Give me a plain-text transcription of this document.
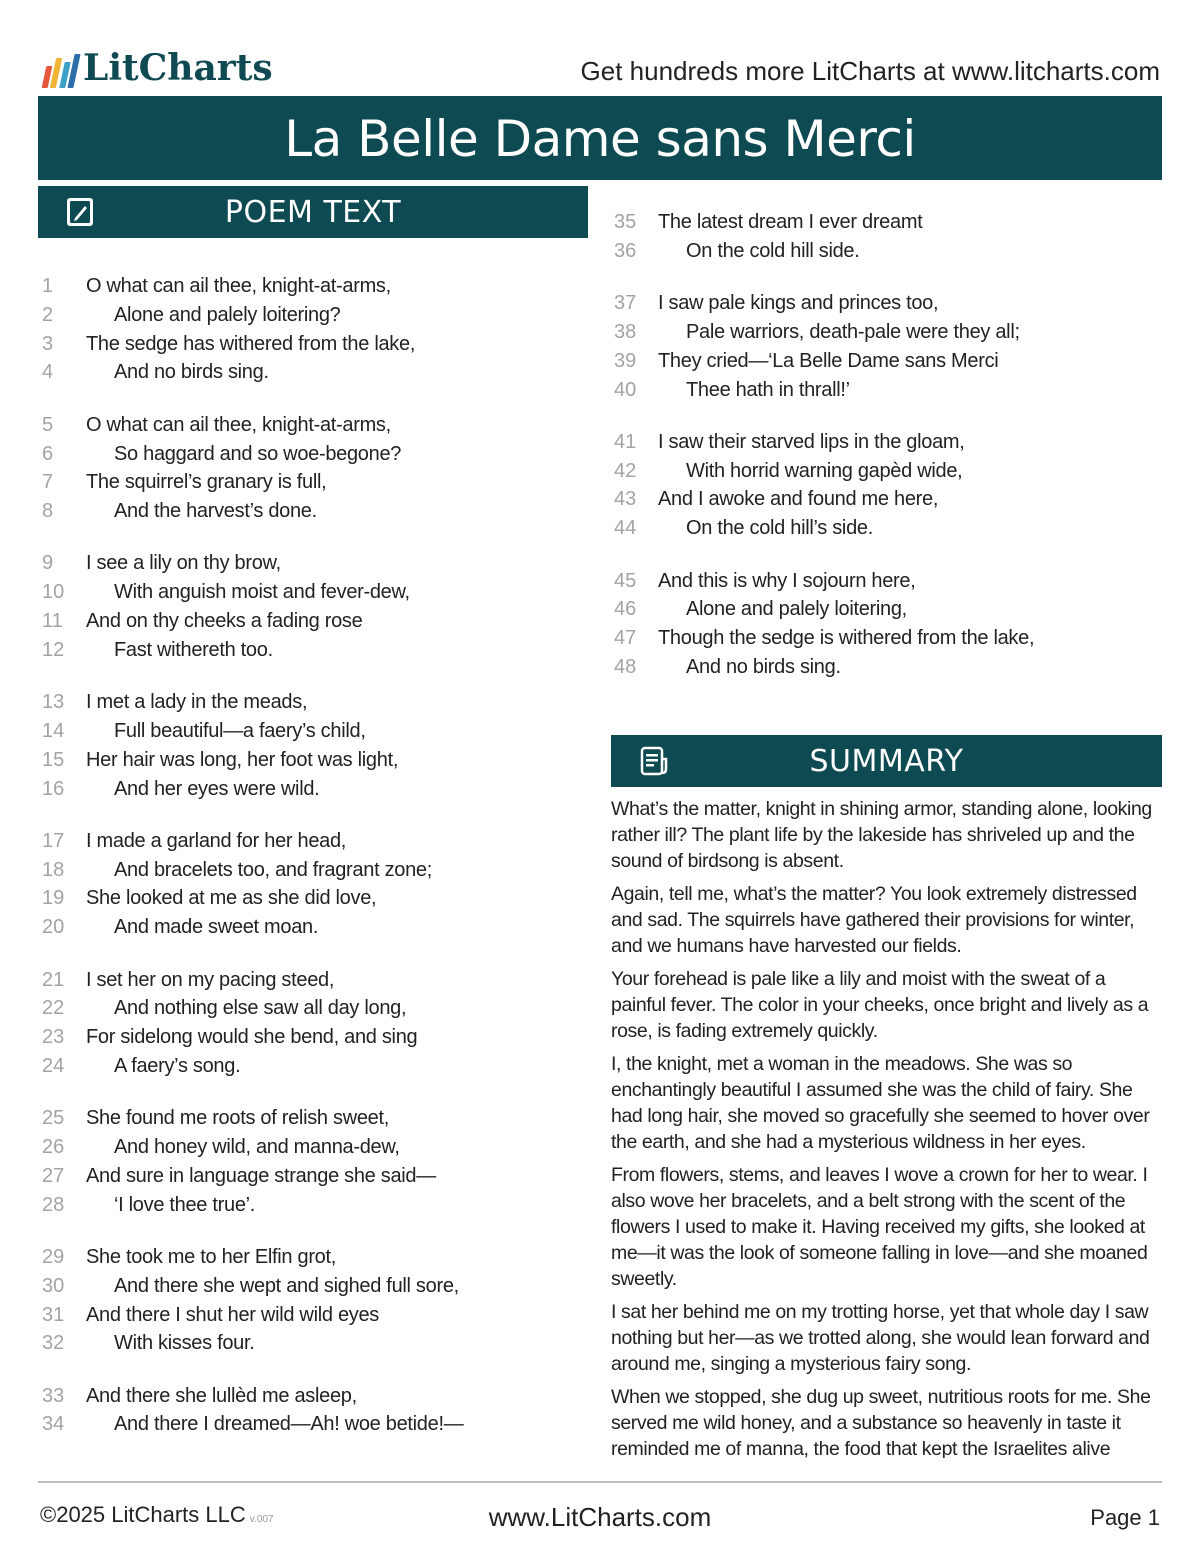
LitCharts	Get hundreds more LitCharts at www.litcharts.com
La Belle Dame sans Merci
POEM TEXT
1	O what can ail thee, knight-at-arms,
2	Alone and palely loitering?
3	The sedge has withered from the lake,
4	And no birds sing.
5	O what can ail thee, knight-at-arms,
6	So haggard and so woe-begone?
7	The squirrel’s granary is full,
8	And the harvest’s done.
9	I see a lily on thy brow,
10	With anguish moist and fever-dew,
11	And on thy cheeks a fading rose
12	Fast withereth too.
13	I met a lady in the meads,
14	Full beautiful—a faery’s child,
15	Her hair was long, her foot was light,
16	And her eyes were wild.
17	I made a garland for her head,
18	And bracelets too, and fragrant zone;
19	She looked at me as she did love,
20	And made sweet moan.
21	I set her on my pacing steed,
22	And nothing else saw all day long,
23	For sidelong would she bend, and sing
24	A faery’s song.
25	She found me roots of relish sweet,
26	And honey wild, and manna-dew,
27	And sure in language strange she said—
28	‘I love thee true’.
29	She took me to her Elfin grot,
30	And there she wept and sighed full sore,
31	And there I shut her wild wild eyes
32	With kisses four.
33	And there she lullèd me asleep,
34	And there I dreamed—Ah! woe betide!—
35	The latest dream I ever dreamt
36	On the cold hill side.
37	I saw pale kings and princes too,
38	Pale warriors, death-pale were they all;
39	They cried—‘La Belle Dame sans Merci
40	Thee hath in thrall!’
41	I saw their starved lips in the gloam,
42	With horrid warning gapèd wide,
43	And I awoke and found me here,
44	On the cold hill’s side.
45	And this is why I sojourn here,
46	Alone and palely loitering,
47	Though the sedge is withered from the lake,
48	And no birds sing.
SUMMARY

What’s the matter, knight in shining armor, standing alone, looking rather ill? The plant life by the lakeside has shriveled up and the sound of birdsong is absent.

Again, tell me, what’s the matter? You look extremely distressed and sad. The squirrels have gathered their provisions for winter, and we humans have harvested our fields.

Your forehead is pale like a lily and moist with the sweat of a painful fever. The color in your cheeks, once bright and lively as a rose, is fading extremely quickly.

I, the knight, met a woman in the meadows. She was so enchantingly beautiful I assumed she was the child of fairy. She had long hair, she moved so gracefully she seemed to hover over the earth, and she had a mysterious wildness in her eyes.

From flowers, stems, and leaves I wove a crown for her to wear. I also wove her bracelets, and a belt strong with the scent of the flowers I used to make it. Having received my gifts, she looked at me—it was the look of someone falling in love—and she moaned sweetly.

I sat her behind me on my trotting horse, yet that whole day I saw nothing but her—as we trotted along, she would lean forward and around me, singing a mysterious fairy song.

When we stopped, she dug up sweet, nutritious roots for me. She served me wild honey, and a substance so heavenly in taste it reminded me of manna, the food that kept the Israelites alive

©2025 LitCharts LLC v.007	www.LitCharts.com	Page 1
